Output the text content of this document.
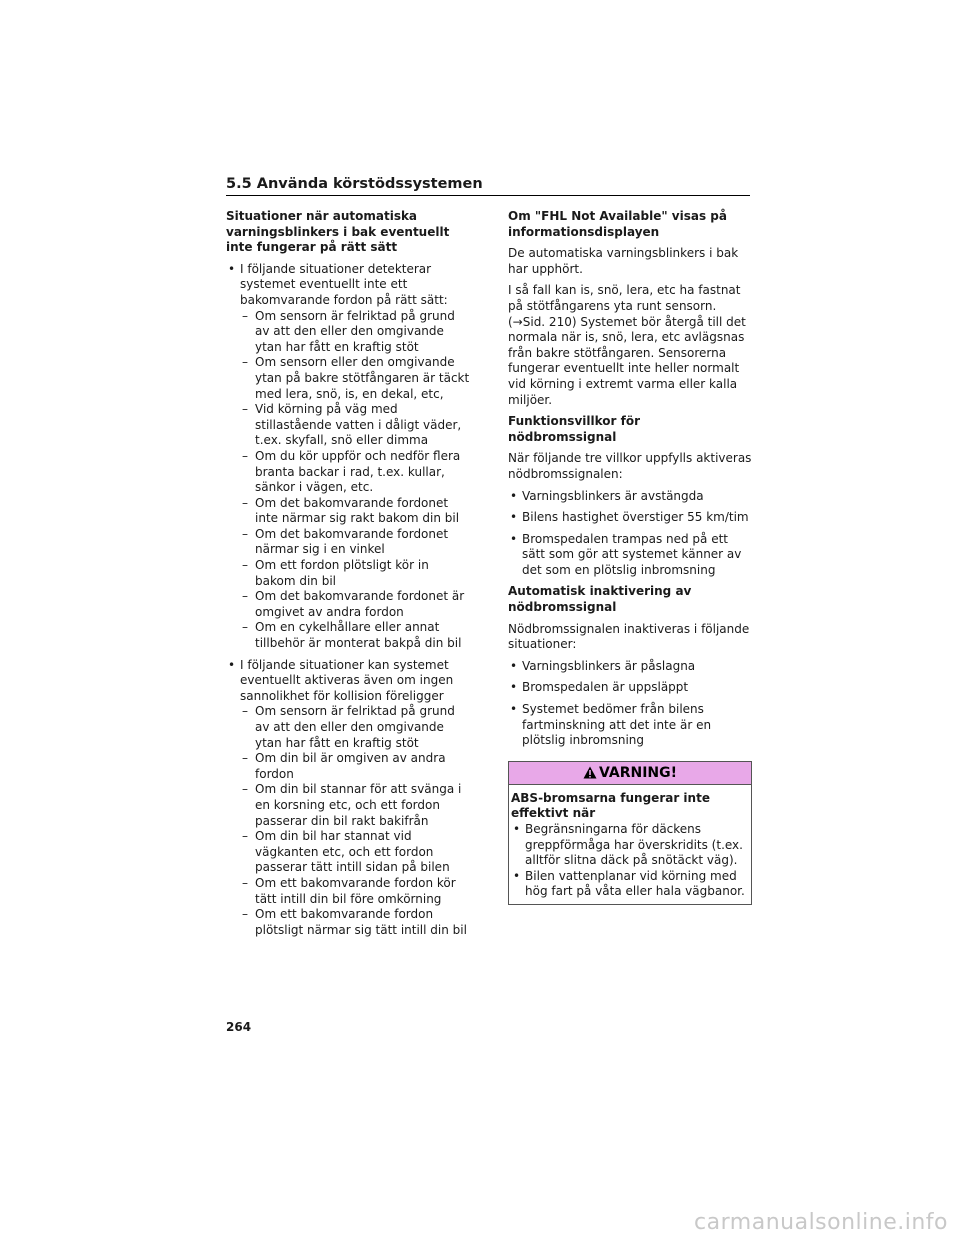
5.5 Använda körstödssystemen
Situationer när automatiska varningsblinkers i bak eventuellt inte fungerar på rätt sätt
• I följande situationer detekterar systemet eventuellt inte ett bakomvarande fordon på rätt sätt:
– Om sensorn är felriktad på grund av att den eller den omgivande ytan har fått en kraftig stöt
– Om sensorn eller den omgivande ytan på bakre stötfångaren är täckt med lera, snö, is, en dekal, etc,
– Vid körning på väg med stillastående vatten i dåligt väder, t.ex. skyfall, snö eller dimma
– Om du kör uppför och nedför flera branta backar i rad, t.ex. kullar, sänkor i vägen, etc.
– Om det bakomvarande fordonet inte närmar sig rakt bakom din bil
– Om det bakomvarande fordonet närmar sig i en vinkel
– Om ett fordon plötsligt kör in bakom din bil
– Om det bakomvarande fordonet är omgivet av andra fordon
– Om en cykelhållare eller annat tillbehör är monterat bakpå din bil
• I följande situationer kan systemet eventuellt aktiveras även om ingen sannolikhet för kollision föreligger
– Om sensorn är felriktad på grund av att den eller den omgivande ytan har fått en kraftig stöt
– Om din bil är omgiven av andra fordon
– Om din bil stannar för att svänga i en korsning etc, och ett fordon passerar din bil rakt bakifrån
– Om din bil har stannat vid vägkanten etc, och ett fordon passerar tätt intill sidan på bilen
– Om ett bakomvarande fordon kör tätt intill din bil före omkörning
– Om ett bakomvarande fordon plötsligt närmar sig tätt intill din bil
Om "FHL Not Available" visas på informationsdisplayen

De automatiska varningsblinkers i bak har upphört.

I så fall kan is, snö, lera, etc ha fastnat på stötfångarens yta runt sensorn. (→Sid. 210) Systemet bör återgå till det normala när is, snö, lera, etc avlägsnas från bakre stötfångaren. Sensorerna fungerar eventuellt inte heller normalt vid körning i extremt varma eller kalla miljöer.

Funktionsvillkor för nödbromssignal

När följande tre villkor uppfylls aktiveras nödbromssignalen:

• Varningsblinkers är avstängda
• Bilens hastighet överstiger 55 km/tim
• Bromspedalen trampas ned på ett sätt som gör att systemet känner av det som en plötslig inbromsning
Automatisk inaktivering av nödbromssignal

Nödbromssignalen inaktiveras i följande situationer:

• Varningsblinkers är påslagna
• Bromspedalen är uppsläppt
• Systemet bedömer från bilens fartminskning att det inte är en plötslig inbromsning
VARNING!
ABS-bromsarna fungerar inte effektivt när
• Begränsningarna för däckens greppförmåga har överskridits (t.ex. alltför slitna däck på snötäckt väg).
• Bilen vattenplanar vid körning med hög fart på våta eller hala vägbanor.
264
carmanualsonline.info
